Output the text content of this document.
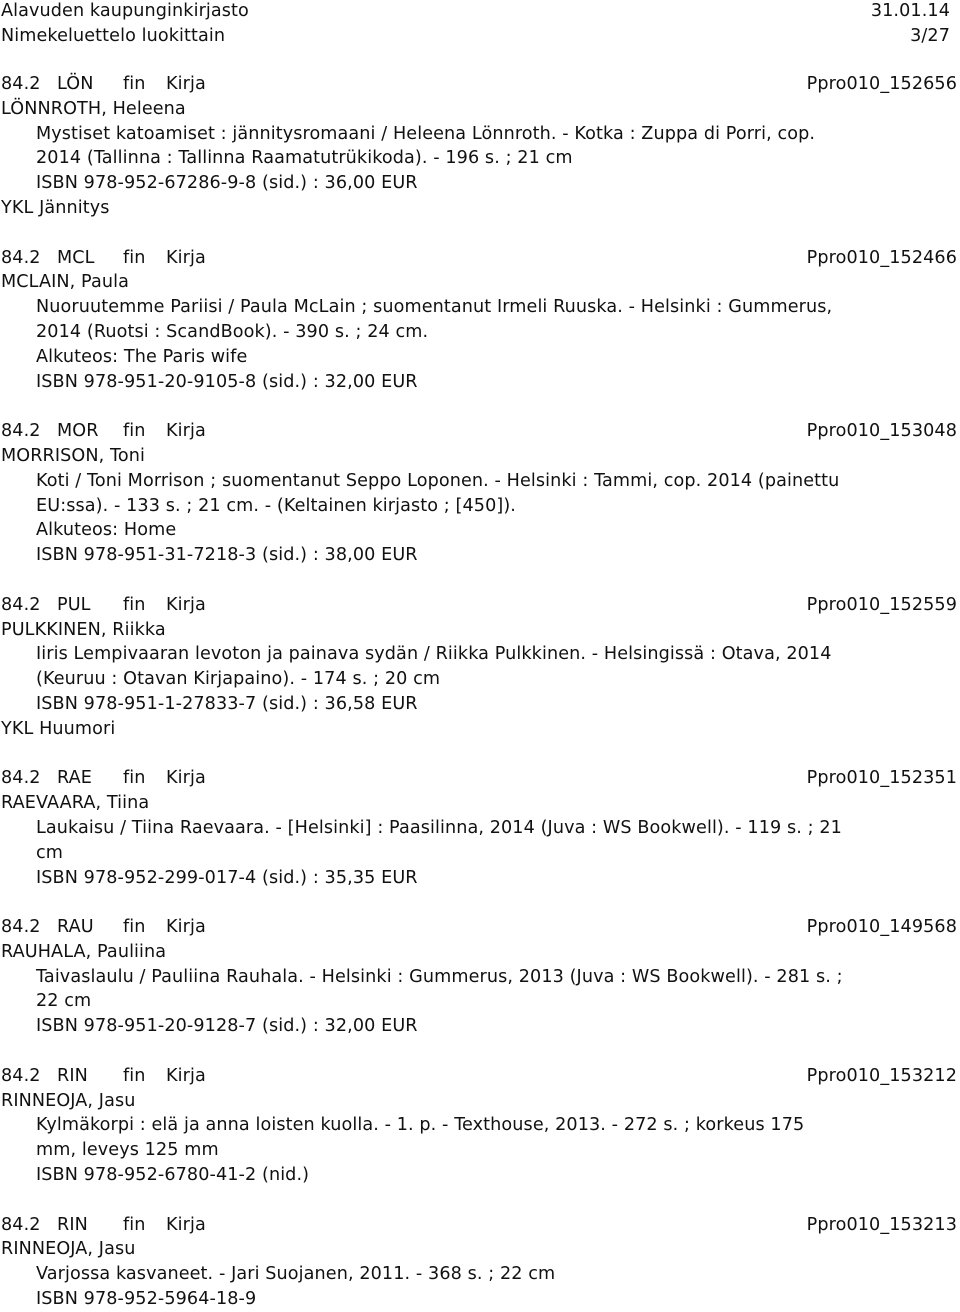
Alavuden kaupunginkirjasto	31.01.14
Nimekeluettelo luokittain	3/27
84.2 LÖN fin Kirja	Ppro010_152656
LÖNNROTH, Heleena
Mystiset katoamiset : jännitysromaani / Heleena Lönnroth. - Kotka : Zuppa di Porri, cop.
2014 (Tallinna : Tallinna Raamatutrükikoda). - 196 s. ; 21 cm
ISBN 978-952-67286-9-8 (sid.) : 36,00 EUR
YKL Jännitys
84.2 MCL fin Kirja	Ppro010_152466
MCLAIN, Paula
Nuoruutemme Pariisi / Paula McLain ; suomentanut Irmeli Ruuska. - Helsinki : Gummerus,
2014 (Ruotsi : ScandBook). - 390 s. ; 24 cm.
Alkuteos: The Paris wife
ISBN 978-951-20-9105-8 (sid.) : 32,00 EUR
84.2 MOR fin Kirja	Ppro010_153048
MORRISON, Toni
Koti / Toni Morrison ; suomentanut Seppo Loponen. - Helsinki : Tammi, cop. 2014 (painettu
EU:ssa). - 133 s. ; 21 cm. - (Keltainen kirjasto ; [450]).
Alkuteos: Home
ISBN 978-951-31-7218-3 (sid.) : 38,00 EUR
84.2 PUL fin Kirja	Ppro010_152559
PULKKINEN, Riikka
Iiris Lempivaaran levoton ja painava sydän / Riikka Pulkkinen. - Helsingissä : Otava, 2014
(Keuruu : Otavan Kirjapaino). - 174 s. ; 20 cm
ISBN 978-951-1-27833-7 (sid.) : 36,58 EUR
YKL Huumori
84.2 RAE fin Kirja	Ppro010_152351
RAEVAARA, Tiina
Laukaisu / Tiina Raevaara. - [Helsinki] : Paasilinna, 2014 (Juva : WS Bookwell). - 119 s. ; 21
cm
ISBN 978-952-299-017-4 (sid.) : 35,35 EUR
84.2 RAU fin Kirja	Ppro010_149568
RAUHALA, Pauliina
Taivaslaulu / Pauliina Rauhala. - Helsinki : Gummerus, 2013 (Juva : WS Bookwell). - 281 s. ;
22 cm
ISBN 978-951-20-9128-7 (sid.) : 32,00 EUR
84.2 RIN fin Kirja	Ppro010_153212
RINNEOJA, Jasu
Kylmäkorpi : elä ja anna loisten kuolla. - 1. p. - Texthouse, 2013. - 272 s. ; korkeus 175
mm, leveys 125 mm
ISBN 978-952-6780-41-2 (nid.)
84.2 RIN fin Kirja	Ppro010_153213
RINNEOJA, Jasu
Varjossa kasvaneet. - Jari Suojanen, 2011. - 368 s. ; 22 cm
ISBN 978-952-5964-18-9
